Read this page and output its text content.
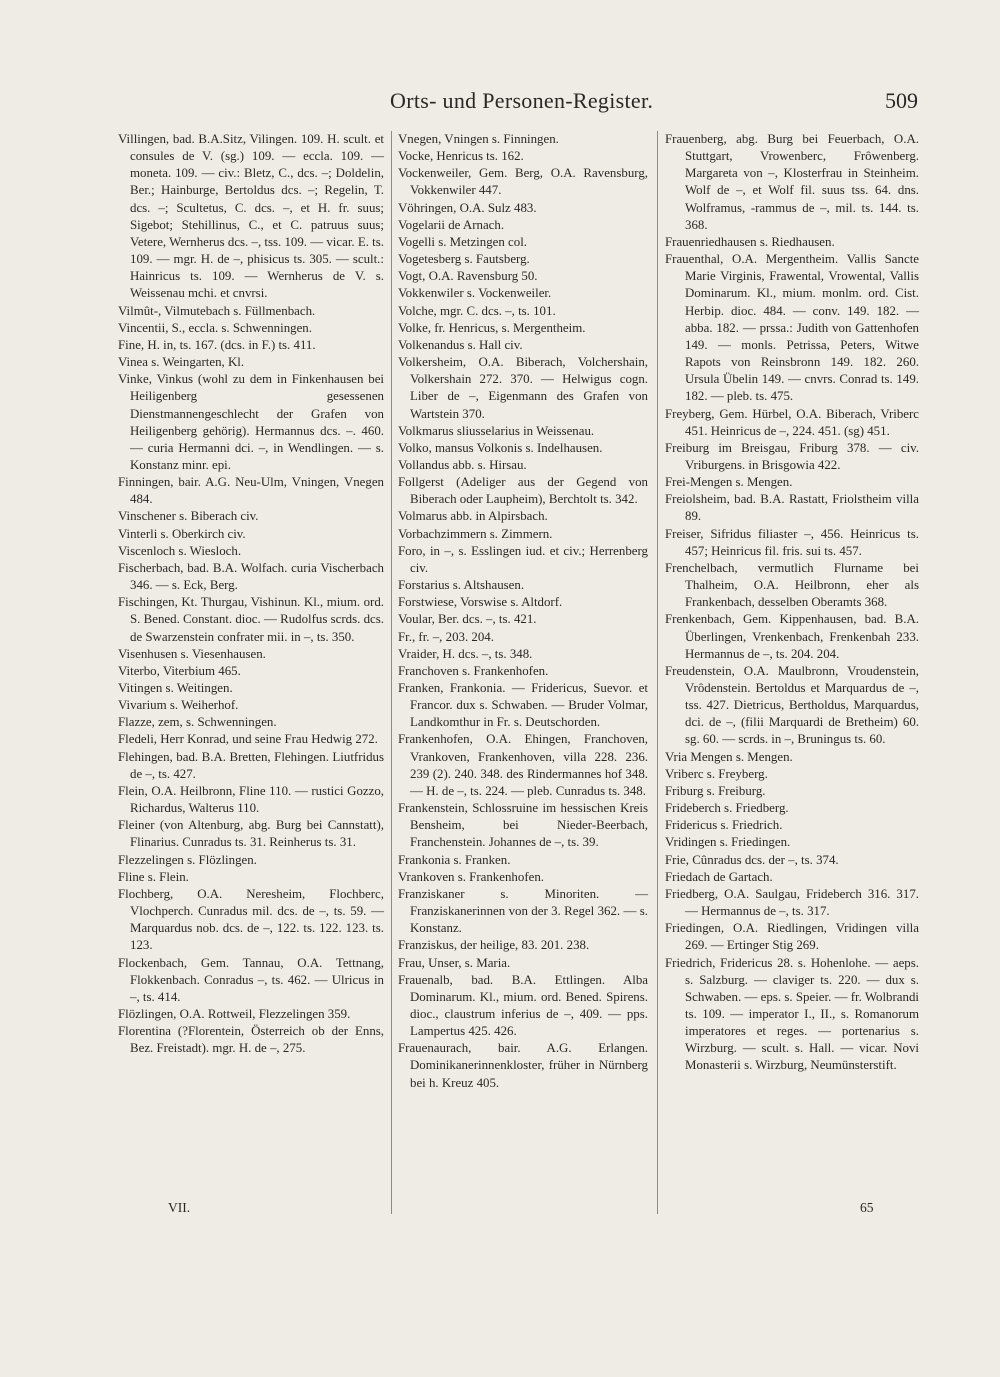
Orts- und Personen-Register.	509

Villingen, bad. B.A.Sitz, Vilingen. 109. H. scult. et consules de V. (sg.) 109. — eccla. 109. — moneta. 109. — civ.: Bletz, C., dcs. –; Doldelin, Ber.; Hainburge, Bertoldus dcs. –; Regelin, T. dcs. –; Scultetus, C. dcs. –, et H. fr. suus; Sigebot; Stehillinus, C., et C. patruus suus; Vetere, Wernherus dcs. –, tss. 109. — vicar. E. ts. 109. — mgr. H. de –, phisicus ts. 305. — scult.: Hainricus ts. 109. — Wernherus de V. s. Weissenau mchi. et cnvrsi.

Vilmût-, Vilmutebach s. Füllmenbach.

Vincentii, S., eccla. s. Schwenningen.

Fine, H. in, ts. 167. (dcs. in F.) ts. 411.

Vinea s. Weingarten, Kl.

Vinke, Vinkus (wohl zu dem in Finkenhausen bei Heiligenberg gesessenen Dienstmannengeschlecht der Grafen von Heiligenberg gehörig). Hermannus dcs. –. 460. — curia Hermanni dci. –, in Wendlingen. — s. Konstanz minr. epi.

Finningen, bair. A.G. Neu-Ulm, Vningen, Vnegen 484.

Vinschener s. Biberach civ.

Vinterli s. Oberkirch civ.

Viscenloch s. Wiesloch.

Fischerbach, bad. B.A. Wolfach. curia Vischerbach 346. — s. Eck, Berg.

Fischingen, Kt. Thurgau, Vishinun. Kl., mium. ord. S. Bened. Constant. dioc. — Rudolfus scrds. dcs. de Swarzenstein confrater mii. in –, ts. 350.

Visenhusen s. Viesenhausen.

Viterbo, Viterbium 465.

Vitingen s. Weitingen.

Vivarium s. Weiherhof.

Flazze, zem, s. Schwenningen.

Fledeli, Herr Konrad, und seine Frau Hedwig 272.

Flehingen, bad. B.A. Bretten, Flehingen. Liutfridus de –, ts. 427.

Flein, O.A. Heilbronn, Fline 110. — rustici Gozzo, Richardus, Walterus 110.

Fleiner (von Altenburg, abg. Burg bei Cannstatt), Flinarius. Cunradus ts. 31. Reinherus ts. 31.

Flezzelingen s. Flözlingen.

Fline s. Flein.

Flochberg, O.A. Neresheim, Flochberc, Vlochperch. Cunradus mil. dcs. de –, ts. 59. — Marquardus nob. dcs. de –, 122. ts. 122. 123. ts. 123.

Flockenbach, Gem. Tannau, O.A. Tettnang, Flokkenbach. Conradus –, ts. 462. — Ulricus in –, ts. 414.

Flözlingen, O.A. Rottweil, Flezzelingen 359.

Florentina (?Florentein, Österreich ob der Enns, Bez. Freistadt). mgr. H. de –, 275.

Vnegen, Vningen s. Finningen.

Vocke, Henricus ts. 162.

Vockenweiler, Gem. Berg, O.A. Ravensburg, Vokkenwiler 447.

Vöhringen, O.A. Sulz 483.

Vogelarii de Arnach.

Vogelli s. Metzingen col.

Vogetesberg s. Fautsberg.

Vogt, O.A. Ravensburg 50.

Vokkenwiler s. Vockenweiler.

Volche, mgr. C. dcs. –, ts. 101.

Volke, fr. Henricus, s. Mergentheim.

Volkenandus s. Hall civ.

Volkersheim, O.A. Biberach, Volchershain, Volkershain 272. 370. — Helwigus cogn. Liber de –, Eigenmann des Grafen von Wartstein 370.

Volkmarus sliusselarius in Weissenau.

Volko, mansus Volkonis s. Indelhausen.

Vollandus abb. s. Hirsau.

Follgerst (Adeliger aus der Gegend von Biberach oder Laupheim), Berchtolt ts. 342.

Volmarus abb. in Alpirsbach.

Vorbachzimmern s. Zimmern.

Foro, in –, s. Esslingen iud. et civ.; Herrenberg civ.

Forstarius s. Altshausen.

Forstwiese, Vorswise s. Altdorf.

Voular, Ber. dcs. –, ts. 421.

Fr., fr. –, 203. 204.

Vraider, H. dcs. –, ts. 348.

Franchoven s. Frankenhofen.

Franken, Frankonia. — Fridericus, Suevor. et Francor. dux s. Schwaben. — Bruder Volmar, Landkomthur in Fr. s. Deutschorden.

Frankenhofen, O.A. Ehingen, Franchoven, Vrankoven, Frankenhoven, villa 228. 236. 239 (2). 240. 348. des Rindermannes hof 348. — H. de –, ts. 224. — pleb. Cunradus ts. 348.

Frankenstein, Schlossruine im hessischen Kreis Bensheim, bei Nieder-Beerbach, Franchenstein. Johannes de –, ts. 39.

Frankonia s. Franken.

Vrankoven s. Frankenhofen.

Franziskaner s. Minoriten. — Franziskanerinnen von der 3. Regel 362. — s. Konstanz.

Franziskus, der heilige, 83. 201. 238.

Frau, Unser, s. Maria.

Frauenalb, bad. B.A. Ettlingen. Alba Dominarum. Kl., mium. ord. Bened. Spirens. dioc., claustrum inferius de –, 409. — pps. Lampertus 425. 426.

Frauenaurach, bair. A.G. Erlangen. Dominikanerinnenkloster, früher in Nürnberg bei h. Kreuz 405.

Frauenberg, abg. Burg bei Feuerbach, O.A. Stuttgart, Vrowenberc, Frôwenberg. Margareta von –, Klosterfrau in Steinheim. Wolf de –, et Wolf fil. suus tss. 64. dns. Wolframus, -rammus de –, mil. ts. 144. ts. 368.

Frauenriedhausen s. Riedhausen.

Frauenthal, O.A. Mergentheim. Vallis Sancte Marie Virginis, Frawental, Vrowental, Vallis Dominarum. Kl., mium. monlm. ord. Cist. Herbip. dioc. 484. — conv. 149. 182. — abba. 182. — prssa.: Judith von Gattenhofen 149. — monls. Petrissa, Peters, Witwe Rapots von Reinsbronn 149. 182. 260. Ursula Übelin 149. — cnvrs. Conrad ts. 149. 182. — pleb. ts. 475.

Freyberg, Gem. Hürbel, O.A. Biberach, Vriberc 451. Heinricus de –, 224. 451. (sg) 451.

Freiburg im Breisgau, Friburg 378. — civ. Vriburgens. in Brisgowia 422.

Frei-Mengen s. Mengen.

Freiolsheim, bad. B.A. Rastatt, Friolstheim villa 89.

Freiser, Sifridus filiaster –, 456. Heinricus ts. 457; Heinricus fil. fris. sui ts. 457.

Frenchelbach, vermutlich Flurname bei Thalheim, O.A. Heilbronn, eher als Frankenbach, desselben Oberamts 368.

Frenkenbach, Gem. Kippenhausen, bad. B.A. Überlingen, Vrenkenbach, Frenkenbah 233. Hermannus de –, ts. 204. 204.

Freudenstein, O.A. Maulbronn, Vroudenstein, Vrôdenstein. Bertoldus et Marquardus de –, tss. 427. Dietricus, Bertholdus, Marquardus, dci. de –, (filii Marquardi de Bretheim) 60. sg. 60. — scrds. in –, Bruningus ts. 60.

Vria Mengen s. Mengen.

Vriberc s. Freyberg.

Friburg s. Freiburg.

Frideberch s. Friedberg.

Fridericus s. Friedrich.

Vridingen s. Friedingen.

Frie, Cûnradus dcs. der –, ts. 374.

Friedach de Gartach.

Friedberg, O.A. Saulgau, Frideberch 316. 317. — Hermannus de –, ts. 317.

Friedingen, O.A. Riedlingen, Vridingen villa 269. — Ertinger Stig 269.

Friedrich, Fridericus 28. s. Hohenlohe. — aeps. s. Salzburg. — claviger ts. 220. — dux s. Schwaben. — eps. s. Speier. — fr. Wolbrandi ts. 109. — imperator I., II., s. Romanorum imperatores et reges. — portenarius s. Wirzburg. — scult. s. Hall. — vicar. Novi Monasterii s. Wirzburg, Neumünsterstift.

VII.	65
